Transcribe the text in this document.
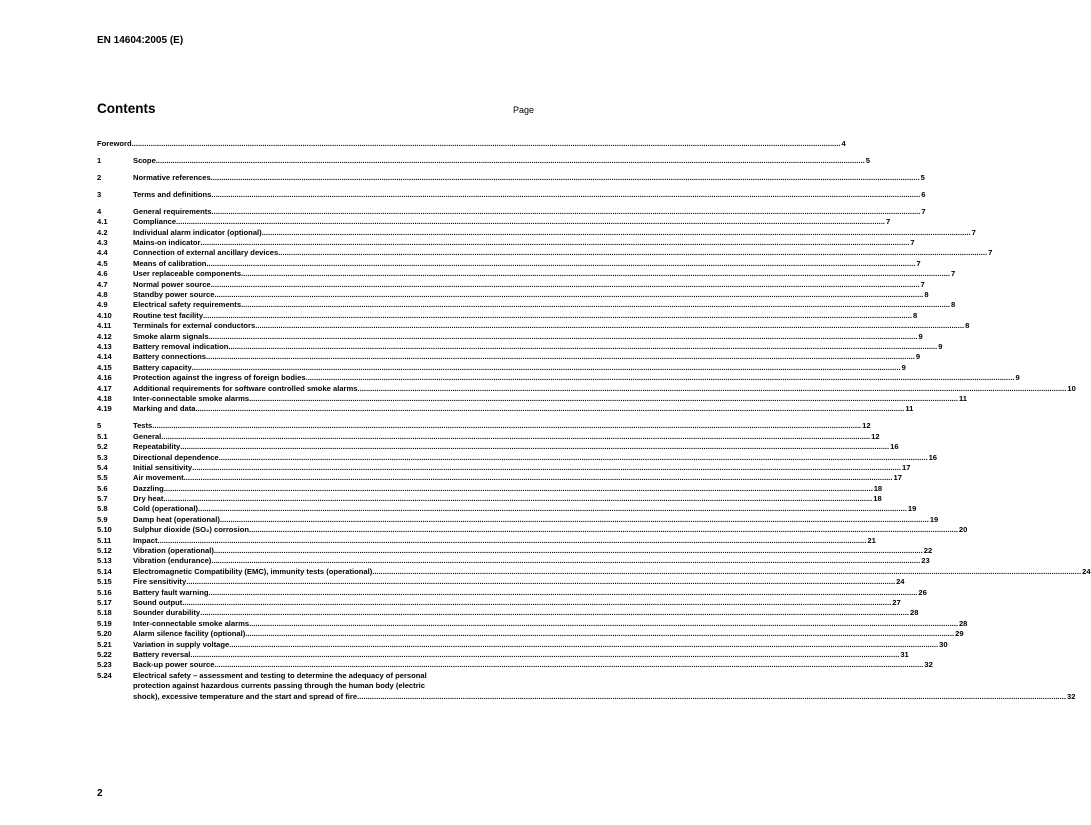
EN 14604:2005 (E)
Contents	Page
Foreword .....	4
1	Scope .....	5
2	Normative references .....	5
3	Terms and definitions .....	6
4	General requirements .....	7
4.1	Compliance .....	7
4.2	Individual alarm indicator (optional) .....	7
4.3	Mains-on indicator .....	7
4.4	Connection of external ancillary devices .....	7
4.5	Means of calibration .....	7
4.6	User replaceable components .....	7
4.7	Normal power source .....	7
4.8	Standby power source .....	8
4.9	Electrical safety requirements .....	8
4.10	Routine test facility .....	8
4.11	Terminals for external conductors .....	8
4.12	Smoke alarm signals .....	9
4.13	Battery removal indication .....	9
4.14	Battery connections .....	9
4.15	Battery capacity .....	9
4.16	Protection against the ingress of foreign bodies .....	9
4.17	Additional requirements for software controlled smoke alarms .....	10
4.18	Inter-connectable smoke alarms .....	11
4.19	Marking and data .....	11
5	Tests .....	12
5.1	General .....	12
5.2	Repeatability .....	16
5.3	Directional dependence .....	16
5.4	Initial sensitivity .....	17
5.5	Air movement .....	17
5.6	Dazzling .....	18
5.7	Dry heat .....	18
5.8	Cold (operational) .....	19
5.9	Damp heat (operational) .....	19
5.10	Sulphur dioxide (SO₂) corrosion .....	20
5.11	Impact .....	21
5.12	Vibration (operational) .....	22
5.13	Vibration (endurance) .....	23
5.14	Electromagnetic Compatibility (EMC), immunity tests (operational) .....	24
5.15	Fire sensitivity .....	24
5.16	Battery fault warning .....	26
5.17	Sound output .....	27
5.18	Sounder durability .....	28
5.19	Inter-connectable smoke alarms .....	28
5.20	Alarm silence facility (optional) .....	29
5.21	Variation in supply voltage .....	30
5.22	Battery reversal .....	31
5.23	Back-up power source .....	32
5.24	Electrical safety – assessment and testing to determine the adequacy of personal
protection against hazardous currents passing through the human body (electric
shock), excessive temperature and the start and spread of fire .....	32
2
